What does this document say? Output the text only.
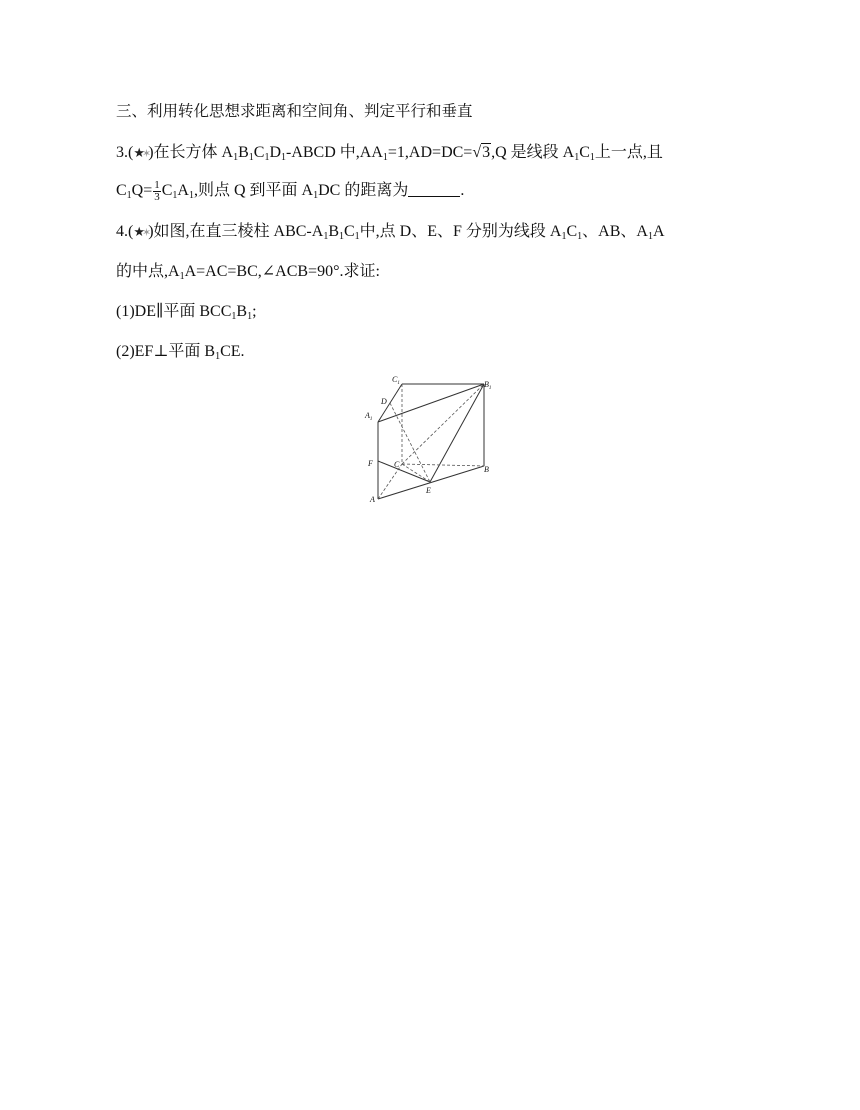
三、利用转化思想求距离和空间角、判定平行和垂直
3.(★✶)在长方体 $A_1B_1C_1D_1$-ABCD 中$,AA_1=1,AD=DC=√3,Q$ 是线段 $A_1C_1$上一点,且
$C_1Q= \frac{1}{3} C_1A_1$,则点 Q 到平面 $A_1DC$ 的距离为	.
4.(★✶)如图,在直三棱柱 ABC-$A_1B_1C_1$中,点 D、E、F 分别为线段 $A_1C_1$、AB、$A_1A$
的中点$,A_1A=AC=BC,\angle ACB=90^\circ$.求证:
(1)DE∥平面 $BCC_1B_1$;
(2)EF⊥平面 $B_1CE$.
$C_1$	$B_1$
D
$A_1$
F	C
B
E
A
